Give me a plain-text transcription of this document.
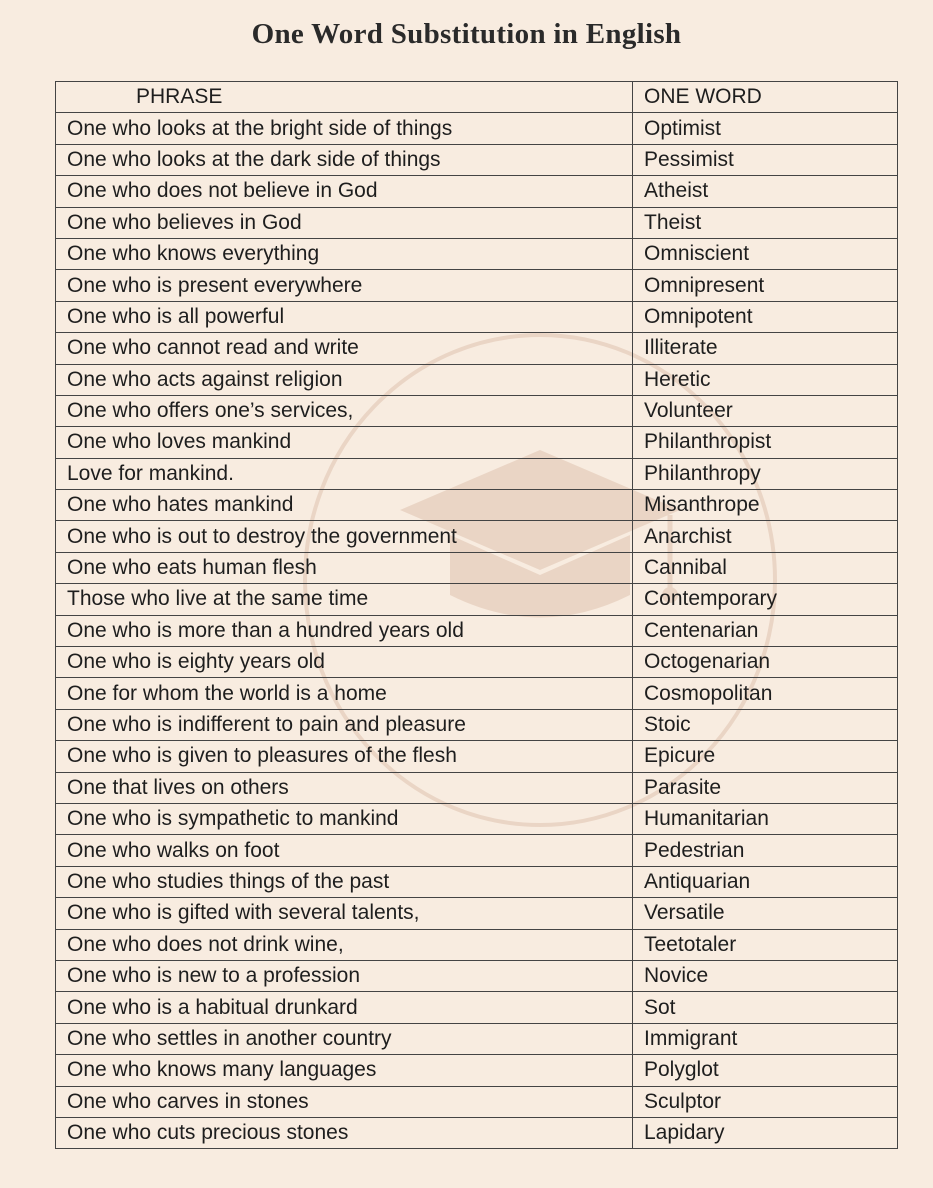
One Word Substitution in English
PHRASE	ONE WORD
One who looks at the bright side of things	Optimist
One who looks at the dark side of things	Pessimist
One who does not believe in God	Atheist
One who believes in God	Theist
One who knows everything	Omniscient
One who is present everywhere	Omnipresent
One who is all powerful	Omnipotent
One who cannot read and write	Illiterate
One who acts against religion	Heretic
One who offers one’s services,	Volunteer
One who loves mankind	Philanthropist
Love for mankind.	Philanthropy
One who hates mankind	Misanthrope
One who is out to destroy the government	Anarchist
One who eats human flesh	Cannibal
Those who live at the same time	Contemporary
One who is more than a hundred years old	Centenarian
One who is eighty years old	Octogenarian
One for whom the world is a home	Cosmopolitan
One who is indifferent to pain and pleasure	Stoic
One who is given to pleasures of the flesh	Epicure
One that lives on others	Parasite
One who is sympathetic to mankind	Humanitarian
One who walks on foot	Pedestrian
One who studies things of the past	Antiquarian
One who is gifted with several talents,	Versatile
One who does not drink wine,	Teetotaler
One who is new to a profession	Novice
One who is a habitual drunkard	Sot
One who settles in another country	Immigrant
One who knows many languages	Polyglot
One who carves in stones	Sculptor
One who cuts precious stones	Lapidary
